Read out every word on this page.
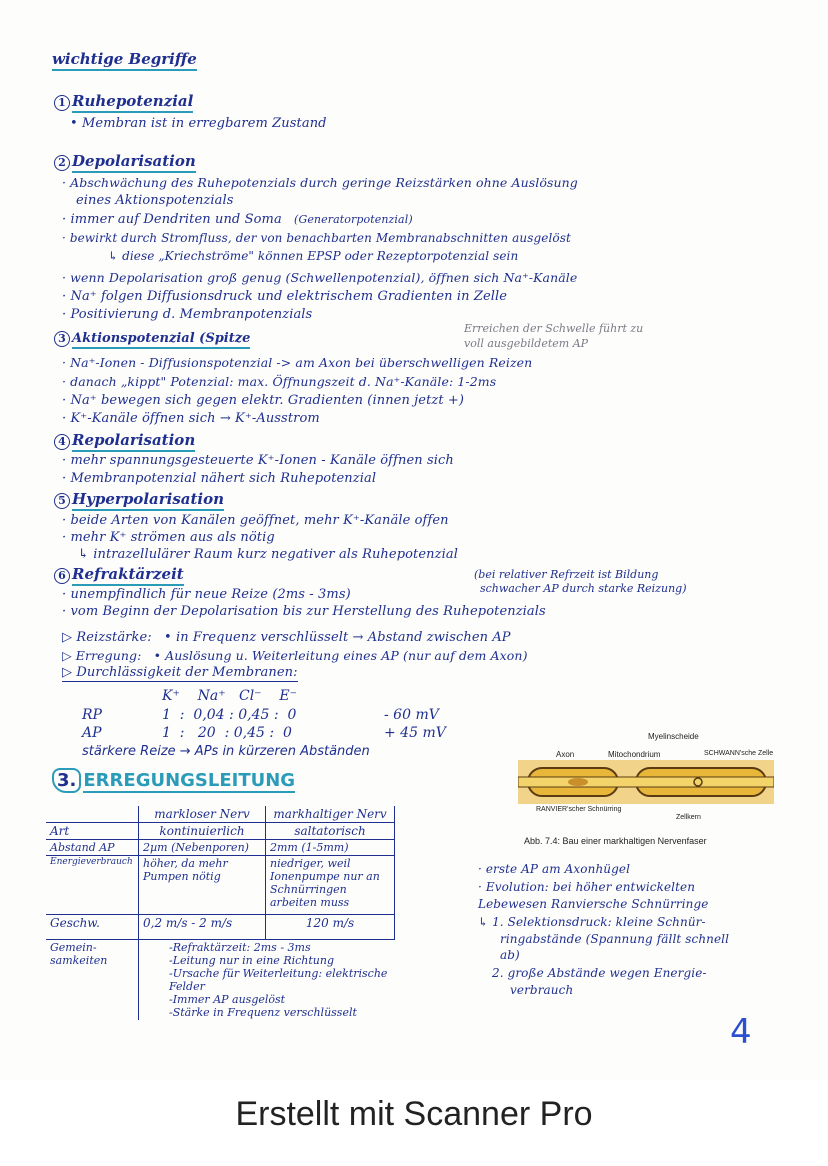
wichtige Begriffe
1 Ruhepotenzial
• Membran ist in erregbarem Zustand
2 Depolarisation
· Abschwächung des Ruhepotenzials durch geringe Reizstärken ohne Auslösung
eines Aktionspotenzials
· immer auf Dendriten und Soma (Generatorpotenzial)
· bewirkt durch Stromfluss, der von benachbarten Membranabschnitten ausgelöst
↳ diese „Kriechströme" können EPSP oder Rezeptorpotenzial sein
· wenn Depolarisation groß genug (Schwellenpotenzial), öffnen sich Na⁺-Kanäle
· Na⁺ folgen Diffusionsdruck und elektrischem Gradienten in Zelle
· Positivierung d. Membranpotenzials
3 Aktionspotenzial (Spitze
Erreichen der Schwelle führt zu
voll ausgebildetem AP
· Na⁺-Ionen - Diffusionspotenzial -> am Axon bei überschwelligen Reizen
· danach „kippt" Potenzial: max. Öffnungszeit d. Na⁺-Kanäle: 1-2ms
· Na⁺ bewegen sich gegen elektr. Gradienten (innen jetzt +)
· K⁺-Kanäle öffnen sich → K⁺-Ausstrom
4 Repolarisation
· mehr spannungsgesteuerte K⁺-Ionen - Kanäle öffnen sich
· Membranpotenzial nähert sich Ruhepotenzial
5 Hyperpolarisation
· beide Arten von Kanälen geöffnet, mehr K⁺-Kanäle offen
· mehr K⁺ strömen aus als nötig
↳ intrazellulärer Raum kurz negativer als Ruhepotenzial
6 Refraktärzeit	(bei relativer Refrzeit ist Bildung
schwacher AP durch starke Reizung)
· unempfindlich für neue Reize (2ms - 3ms)
· vom Beginn der Depolarisation bis zur Herstellung des Ruhepotenzials
▷ Reizstärke: • in Frequenz verschlüsselt → Abstand zwischen AP
▷ Erregung: • Auslösung u. Weiterleitung eines AP (nur auf dem Axon)
▷ Durchlässigkeit der Membranen:
K⁺    Na⁺   Cl⁻    E⁻
RP	1  :  0,04 : 0,45 :  0	- 60 mV
AP	1  :   20  : 0,45 :  0	+ 45 mV
stärkere Reize → APs in kürzeren Abständen
3. ERREGUNGSLEITUNG
	markloser Nerv	markhaltiger Nerv
Art	kontinuierlich	saltatorisch
Abstand AP	2µm (Nebenporen)	2mm (1-5mm)
Energieverbrauch	höher, da mehr Pumpen nötig	niedriger, weil Ionenpumpe nur an Schnürringen arbeiten muss
Geschw.	0,2 m/s - 2 m/s	120 m/s
Gemein-samkeiten	-Refraktärzeit: 2ms - 3ms
-Leitung nur in eine Richtung
-Ursache für Weiterleitung: elektrische Felder
-Immer AP ausgelöst
-Stärke in Frequenz verschlüsselt	
Myelinscheide
Axon	Mitochondrium	SCHWANN'sche Zelle
RANVIER'scher Schnürring
Zellkern
Abb. 7.4: Bau einer markhaltigen Nervenfaser
· erste AP am Axonhügel
· Evolution: bei höher entwickelten
Lebewesen Ranviersche Schnürringe
↳ 1. Selektionsdruck: kleine Schnür-
ringabstände (Spannung fällt schnell
ab)
2. große Abstände wegen Energie-
verbrauch
4
Erstellt mit Scanner Pro
